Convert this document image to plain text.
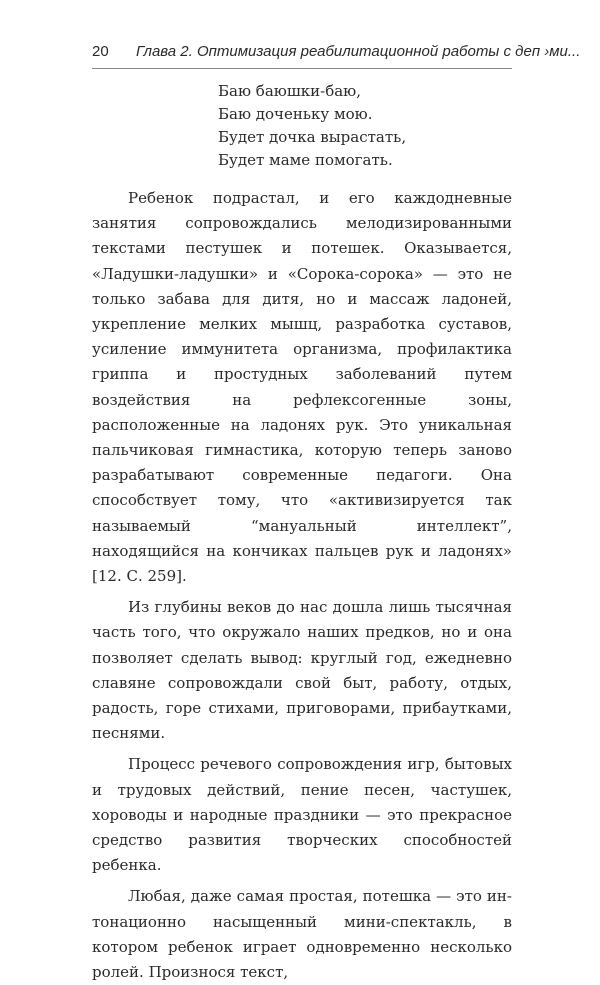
20 Глава 2. Оптимизация реабилитационной работы с деп ›ми...
Баю баюшки-баю,
Баю доченьку мою.
Будет дочка вырастать,
Будет маме помогать.

Ребенок подрастал, и его каждодневные занятия сопровождались мелодизированными текстами пестушек и потешек. Оказывается, «Ладушки-ладушки» и «Сорока-сорока» — это не только забава для дитя, но и массаж ладоней, укрепление мелких мышц, разработка суставов, усиление иммунитета организма, профилактика гриппа и простудных заболеваний путем воздействия на рефлексогенные зоны, расположенные на ладонях рук. Это уникальная пальчиковая гимнастика, которую теперь заново разрабатывают современные педагоги. Она способствует тому, что «активизируется так называемый “мануальный интеллект”, находящийся на кончиках пальцев рук и ладонях» [12. С. 259].

Из глубины веков до нас дошла лишь тысячная часть того, что окружало наших предков, но и она позволяет сделать вывод: круглый год, ежедневно славяне сопровождали свой быт, работу, отдых, радость, горе стихами, приговорами, прибаутками, песнями.

Процесс речевого сопровождения игр, бытовых и трудовых действий, пение песен, частушек, хороводы и народные праздники — это прекрасное средство развития творческих способностей ребенка.

Любая, даже самая простая, потешка — это интонационно насыщенный мини-спектакль, в котором ребенок играет одновременно несколько ролей. Произнося текст,
